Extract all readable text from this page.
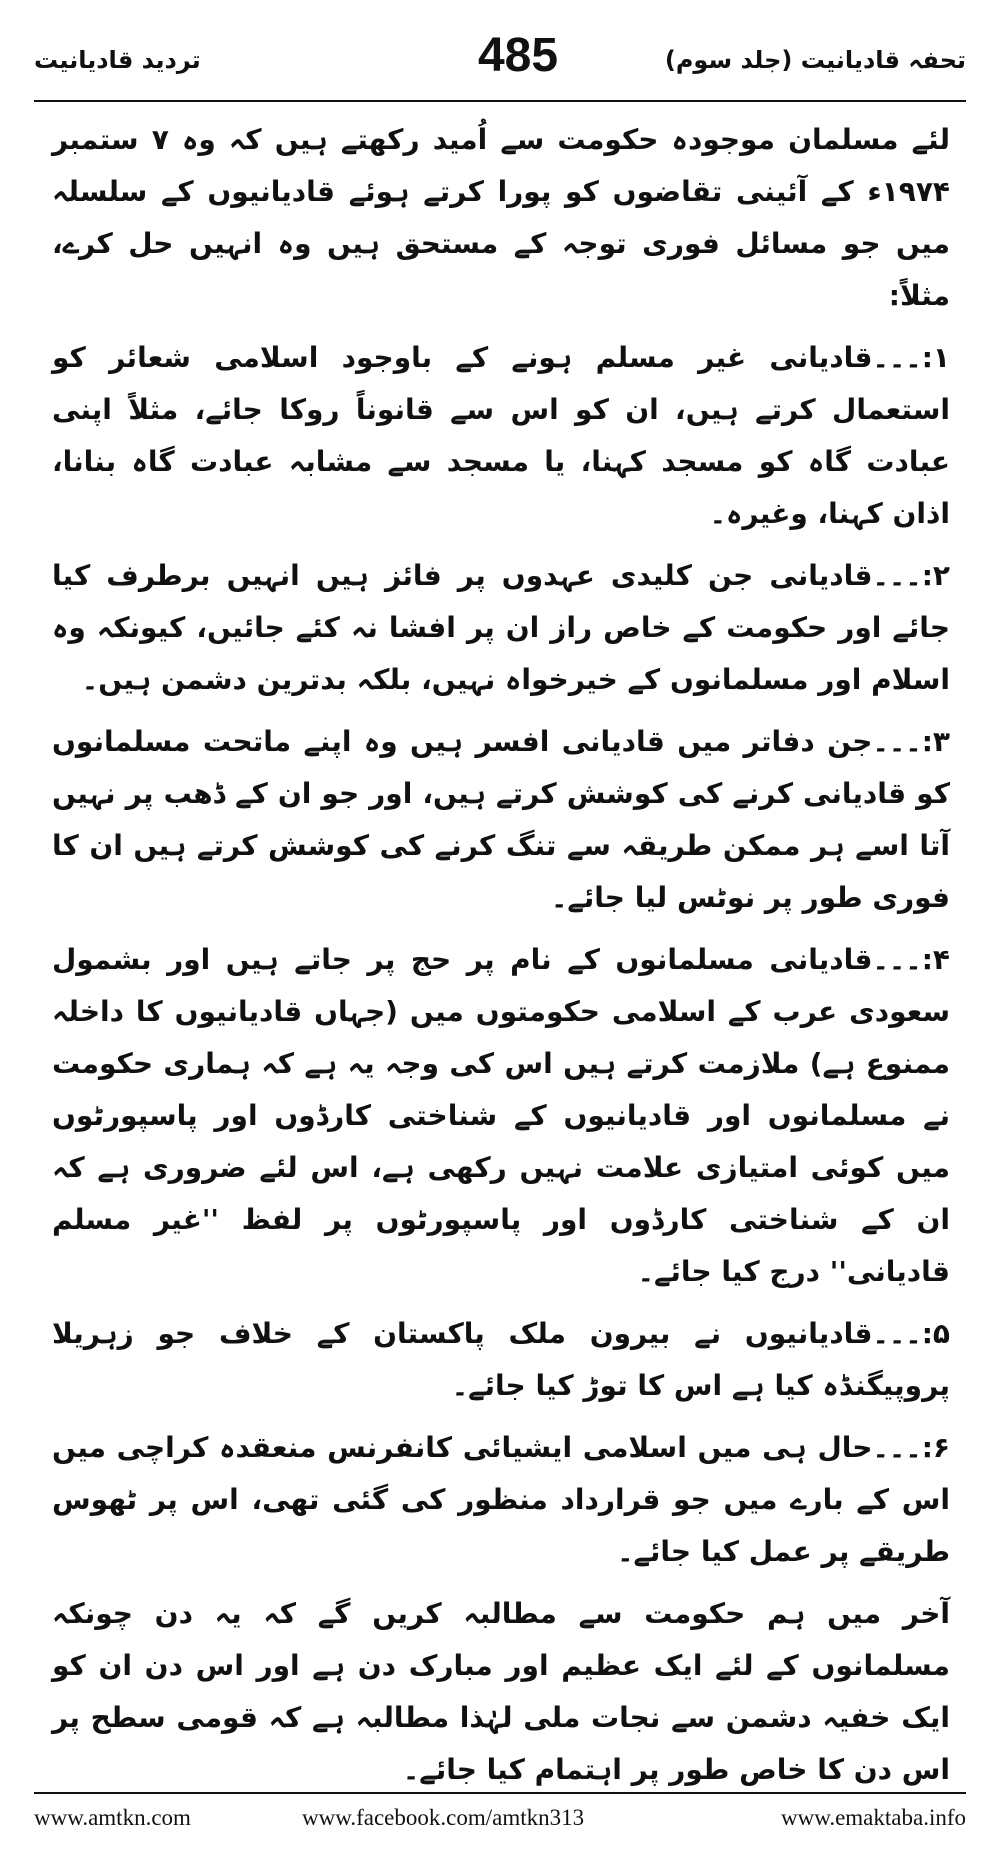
تحفہ قادیانیت (جلد سوم)
485
تردید قادیانیت

لئے مسلمان موجودہ حکومت سے اُمید رکھتے ہیں کہ وہ ۷ ستمبر ۱۹۷۴ء کے آئینی تقاضوں کو پورا کرتے ہوئے قادیانیوں کے سلسلہ میں جو مسائل فوری توجہ کے مستحق ہیں وہ انہیں حل کرے، مثلاً:

۱:۔۔۔قادیانی غیر مسلم ہونے کے باوجود اسلامی شعائر کو استعمال کرتے ہیں، ان کو اس سے قانوناً روکا جائے، مثلاً اپنی عبادت گاہ کو مسجد کہنا، یا مسجد سے مشابہ عبادت گاہ بنانا، اذان کہنا، وغیرہ۔

۲:۔۔۔قادیانی جن کلیدی عہدوں پر فائز ہیں انہیں برطرف کیا جائے اور حکومت کے خاص راز ان پر افشا نہ کئے جائیں، کیونکہ وہ اسلام اور مسلمانوں کے خیرخواہ نہیں، بلکہ بدترین دشمن ہیں۔

۳:۔۔۔جن دفاتر میں قادیانی افسر ہیں وہ اپنے ماتحت مسلمانوں کو قادیانی کرنے کی کوشش کرتے ہیں، اور جو ان کے ڈھب پر نہیں آتا اسے ہر ممکن طریقہ سے تنگ کرنے کی کوشش کرتے ہیں ان کا فوری طور پر نوٹس لیا جائے۔

۴:۔۔۔قادیانی مسلمانوں کے نام پر حج پر جاتے ہیں اور بشمول سعودی عرب کے اسلامی حکومتوں میں (جہاں قادیانیوں کا داخلہ ممنوع ہے) ملازمت کرتے ہیں اس کی وجہ یہ ہے کہ ہماری حکومت نے مسلمانوں اور قادیانیوں کے شناختی کارڈوں اور پاسپورٹوں میں کوئی امتیازی علامت نہیں رکھی ہے، اس لئے ضروری ہے کہ ان کے شناختی کارڈوں اور پاسپورٹوں پر لفظ ''غیر مسلم قادیانی'' درج کیا جائے۔

۵:۔۔۔قادیانیوں نے بیرون ملک پاکستان کے خلاف جو زہریلا پروپیگنڈہ کیا ہے اس کا توڑ کیا جائے۔

۶:۔۔۔حال ہی میں اسلامی ایشیائی کانفرنس منعقدہ کراچی میں اس کے بارے میں جو قرارداد منظور کی گئی تھی، اس پر ٹھوس طریقے پر عمل کیا جائے۔

آخر میں ہم حکومت سے مطالبہ کریں گے کہ یہ دن چونکہ مسلمانوں کے لئے ایک عظیم اور مبارک دن ہے اور اس دن ان کو ایک خفیہ دشمن سے نجات ملی لہٰذا مطالبہ ہے کہ قومی سطح پر اس دن کا خاص طور پر اہتمام کیا جائے۔

www.amtkn.com	www.facebook.com/amtkn313	www.emaktaba.info
